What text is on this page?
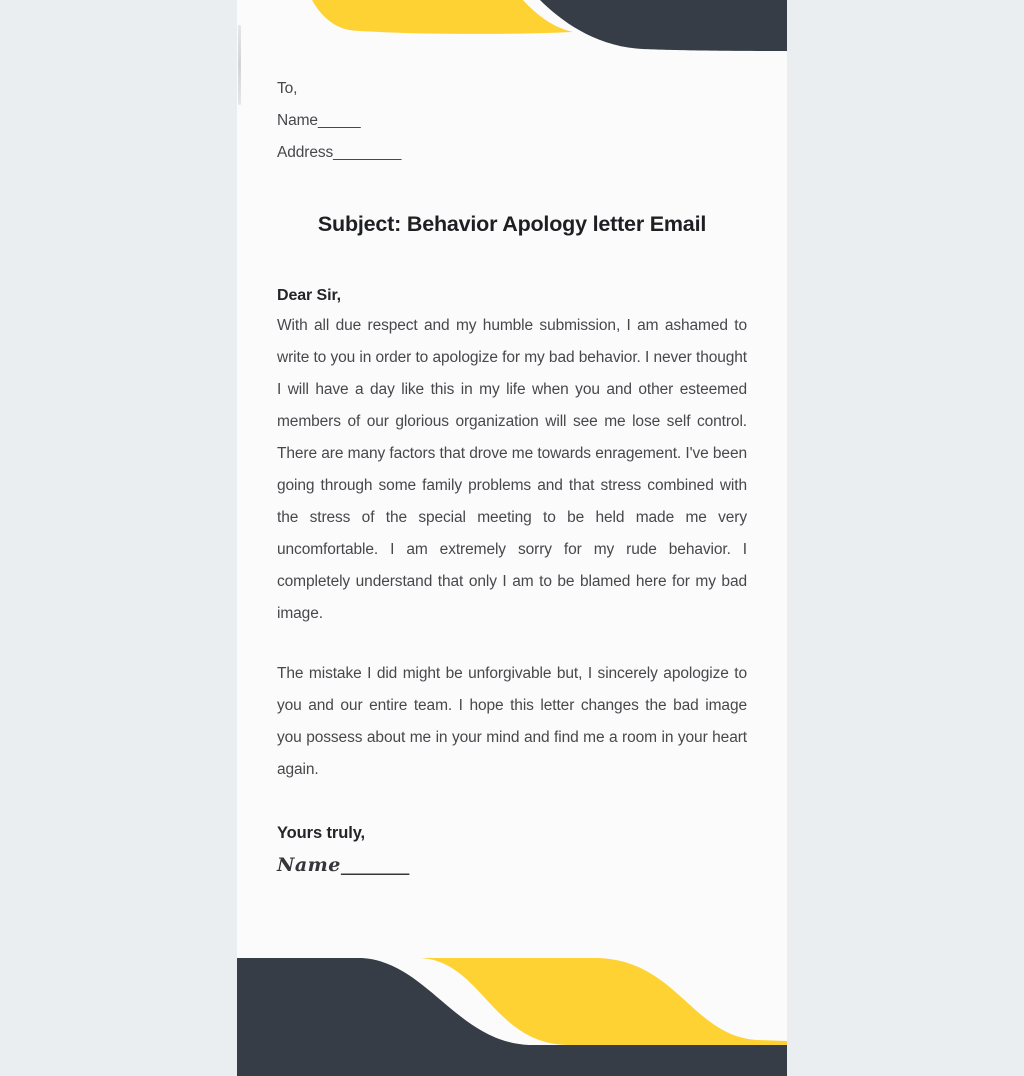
To,
Name_____
Address________
Subject: Behavior Apology letter Email
Dear Sir,
With all due respect and my humble submission, I am ashamed to write to you in order to apologize for my bad behavior. I never thought I will have a day like this in my life when you and other esteemed members of our glorious organization will see me lose self control. There are many factors that drove me towards enragement. I've been going through some family problems and that stress combined with the stress of the special meeting to be held made me very uncomfortable. I am extremely sorry for my rude behavior. I completely understand that only I am to be blamed here for my bad image.
The mistake I did might be unforgivable but, I sincerely apologize to you and our entire team. I hope this letter changes the bad image you possess about me in your mind and find me a room in your heart again.
Yours truly,
Name__________
